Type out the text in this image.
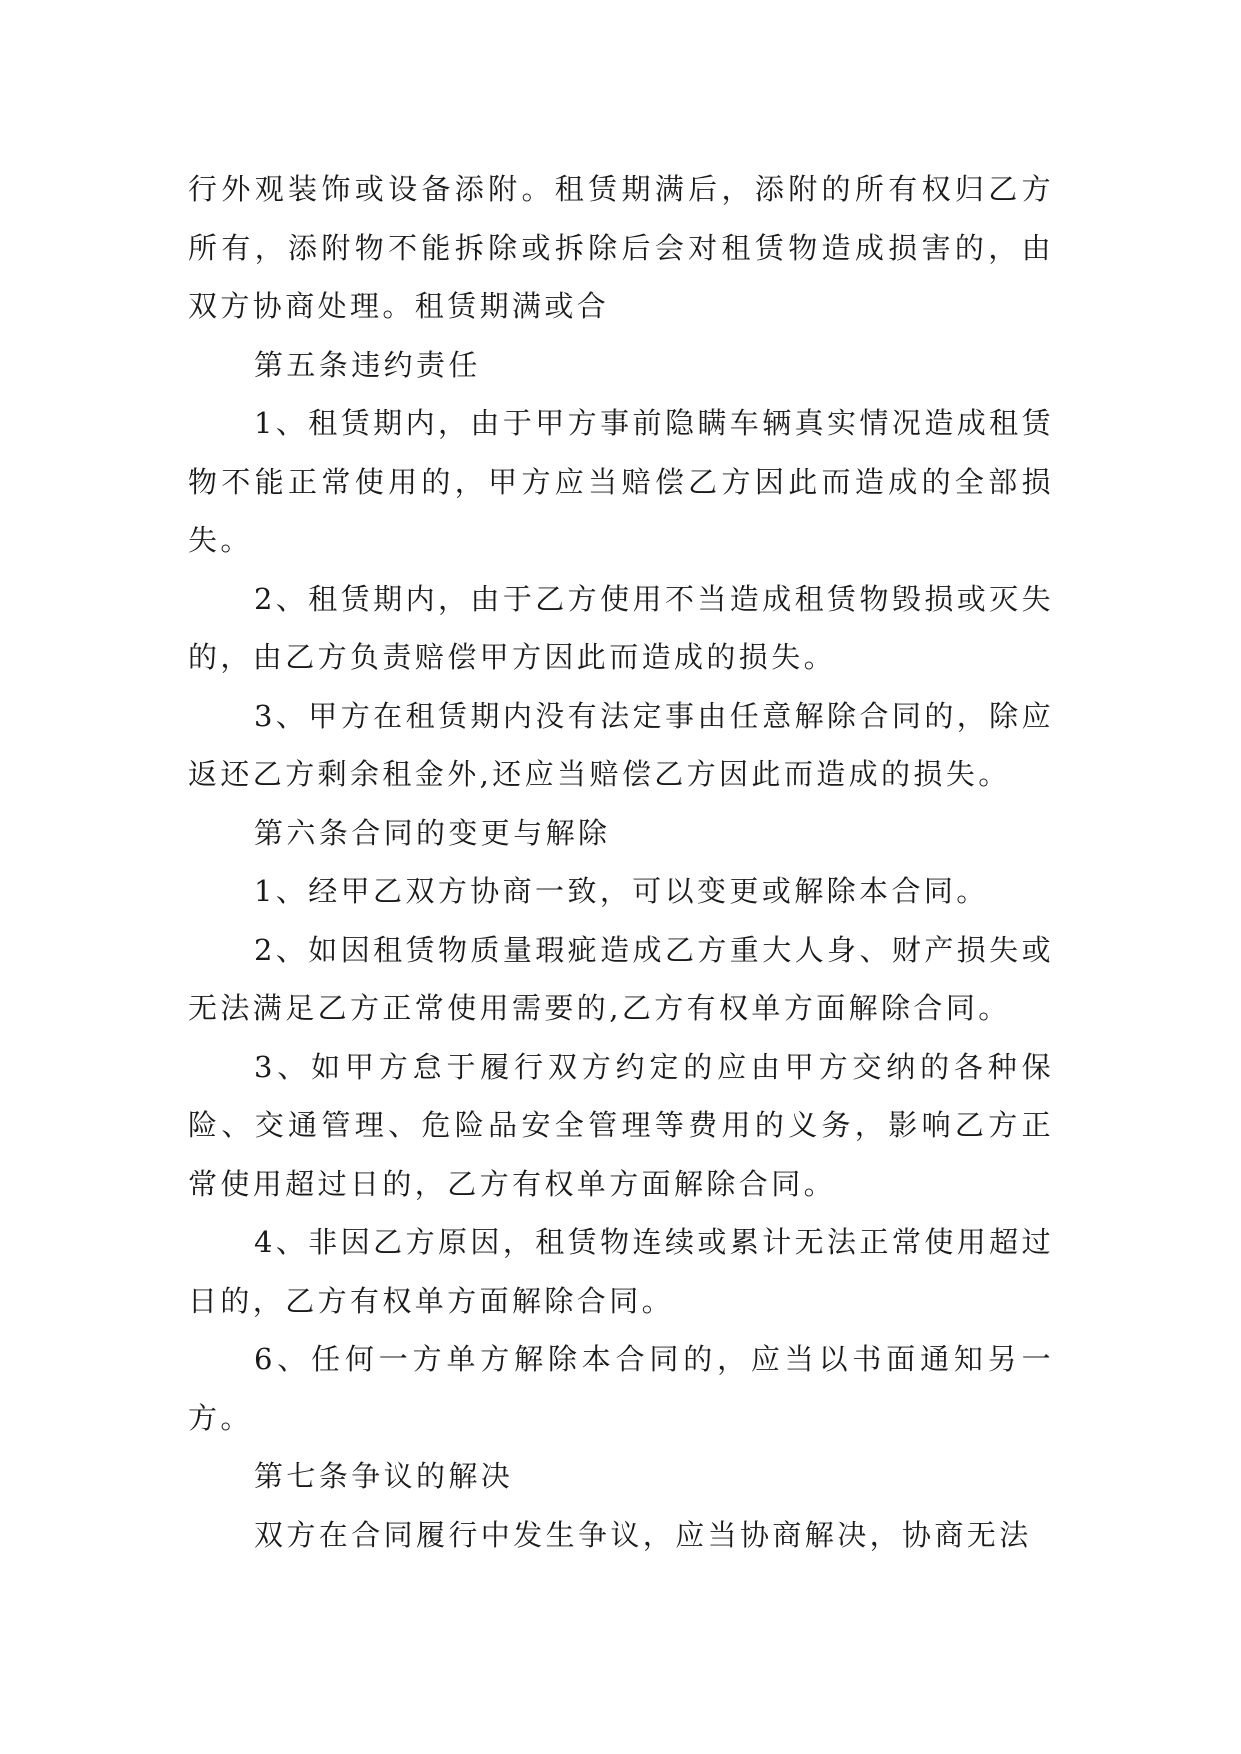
行外观装饰或设备添附。租赁期满后，添附的所有权归乙方所有，添附物不能拆除或拆除后会对租赁物造成损害的，由双方协商处理。租赁期满或合

第五条违约责任

1、租赁期内，由于甲方事前隐瞒车辆真实情况造成租赁物不能正常使用的，甲方应当赔偿乙方因此而造成的全部损失。

2、租赁期内，由于乙方使用不当造成租赁物毁损或灭失的，由乙方负责赔偿甲方因此而造成的损失。

3、甲方在租赁期内没有法定事由任意解除合同的，除应返还乙方剩余租金外,还应当赔偿乙方因此而造成的损失。

第六条合同的变更与解除

1、经甲乙双方协商一致，可以变更或解除本合同。

2、如因租赁物质量瑕疵造成乙方重大人身、财产损失或无法满足乙方正常使用需要的,乙方有权单方面解除合同。

3、如甲方怠于履行双方约定的应由甲方交纳的各种保险、交通管理、危险品安全管理等费用的义务，影响乙方正常使用超过日的，乙方有权单方面解除合同。

4、非因乙方原因，租赁物连续或累计无法正常使用超过日的，乙方有权单方面解除合同。

6、任何一方单方解除本合同的，应当以书面通知另一方。

第七条争议的解决

双方在合同履行中发生争议，应当协商解决，协商无法
